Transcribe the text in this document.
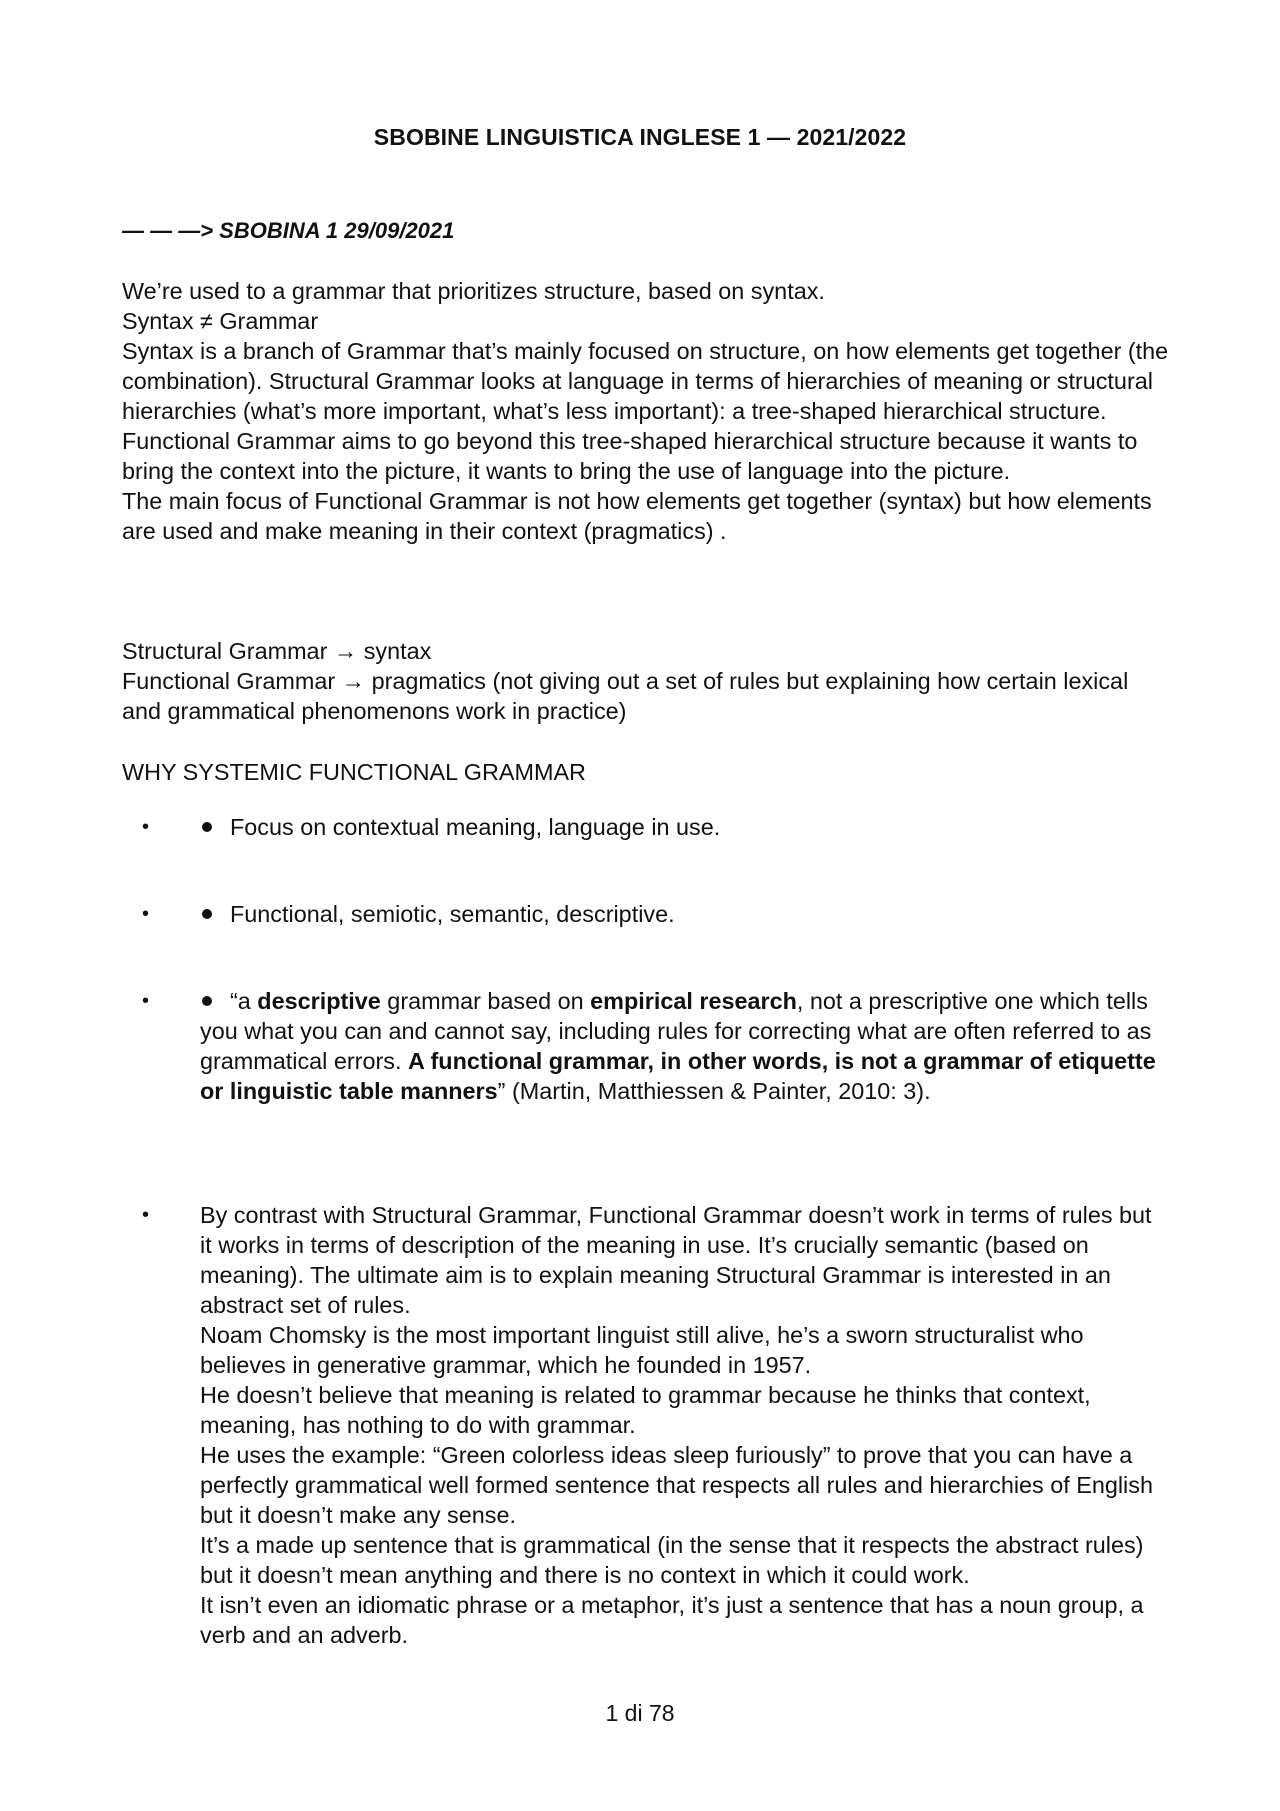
SBOBINE LINGUISTICA INGLESE 1 — 2021/2022
— — —> SBOBINA 1 29/09/2021

We’re used to a grammar that prioritizes structure, based on syntax.

Syntax ≠ Grammar

Syntax is a branch of Grammar that’s mainly focused on structure, on how elements get together (the combination). Structural Grammar looks at language in terms of hierarchies of meaning or structural hierarchies (what’s more important, what’s less important): a tree-shaped hierarchical structure.

Functional Grammar aims to go beyond this tree-shaped hierarchical structure because it wants to bring the context into the picture, it wants to bring the use of language into the picture.

The main focus of Functional Grammar is not how elements get together (syntax) but how elements are used and make meaning in their context (pragmatics) .

Structural Grammar → syntax

Functional Grammar → pragmatics (not giving out a set of rules but explaining how certain lexical and grammatical phenomenons work in practice)

WHY SYSTEMIC FUNCTIONAL GRAMMAR
•	Focus on contextual meaning, language in use.
•	Functional, semiotic, semantic, descriptive.
•	“a descriptive grammar based on empirical research, not a prescriptive one which tells you what you can and cannot say, including rules for correcting what are often referred to as grammatical errors. A functional grammar, in other words, is not a grammar of etiquette or linguistic table manners” (Martin, Matthiessen & Painter, 2010: 3).
• By contrast with Structural Grammar, Functional Grammar doesn’t work in terms of rules but it works in terms of description of the meaning in use. It’s crucially semantic (based on meaning). The ultimate aim is to explain meaning Structural Grammar is interested in an abstract set of rules.

Noam Chomsky is the most important linguist still alive, he’s a sworn structuralist who believes in generative grammar, which he founded in 1957.

He doesn’t believe that meaning is related to grammar because he thinks that context, meaning, has nothing to do with grammar.

He uses the example: “Green colorless ideas sleep furiously” to prove that you can have a perfectly grammatical well formed sentence that respects all rules and hierarchies of English but it doesn’t make any sense.

It’s a made up sentence that is grammatical (in the sense that it respects the abstract rules) but it doesn’t mean anything and there is no context in which it could work.

It isn’t even an idiomatic phrase or a metaphor, it’s just a sentence that has a noun group, a verb and an adverb.

1 di 78
